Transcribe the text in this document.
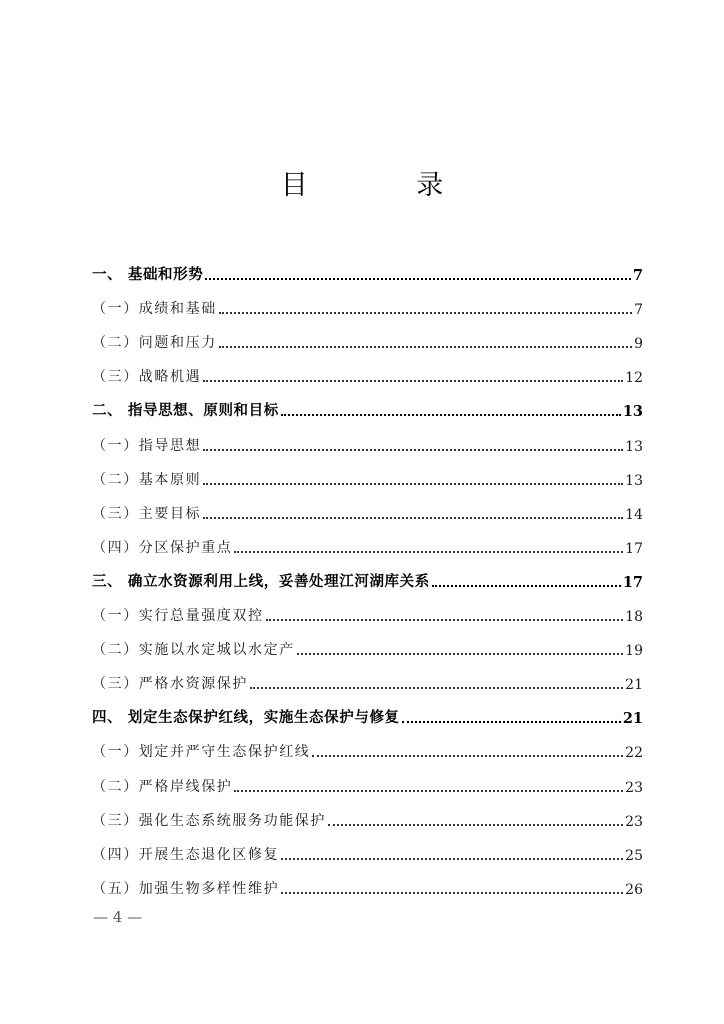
目 录
一、 基础和形势	7
（一）成绩和基础	7
（二）问题和压力	9
（三）战略机遇	12
二、 指导思想、原则和目标	13
（一）指导思想	13
（二）基本原则	13
（三）主要目标	14
（四）分区保护重点	17
三、 确立水资源利用上线，妥善处理江河湖库关系	17
（一）实行总量强度双控	18
（二）实施以水定城以水定产	19
（三）严格水资源保护	21
四、 划定生态保护红线，实施生态保护与修复	21
（一）划定并严守生态保护红线	22
（二）严格岸线保护	23
（三）强化生态系统服务功能保护	23
（四）开展生态退化区修复	25
（五）加强生物多样性维护	26
— 4 —
